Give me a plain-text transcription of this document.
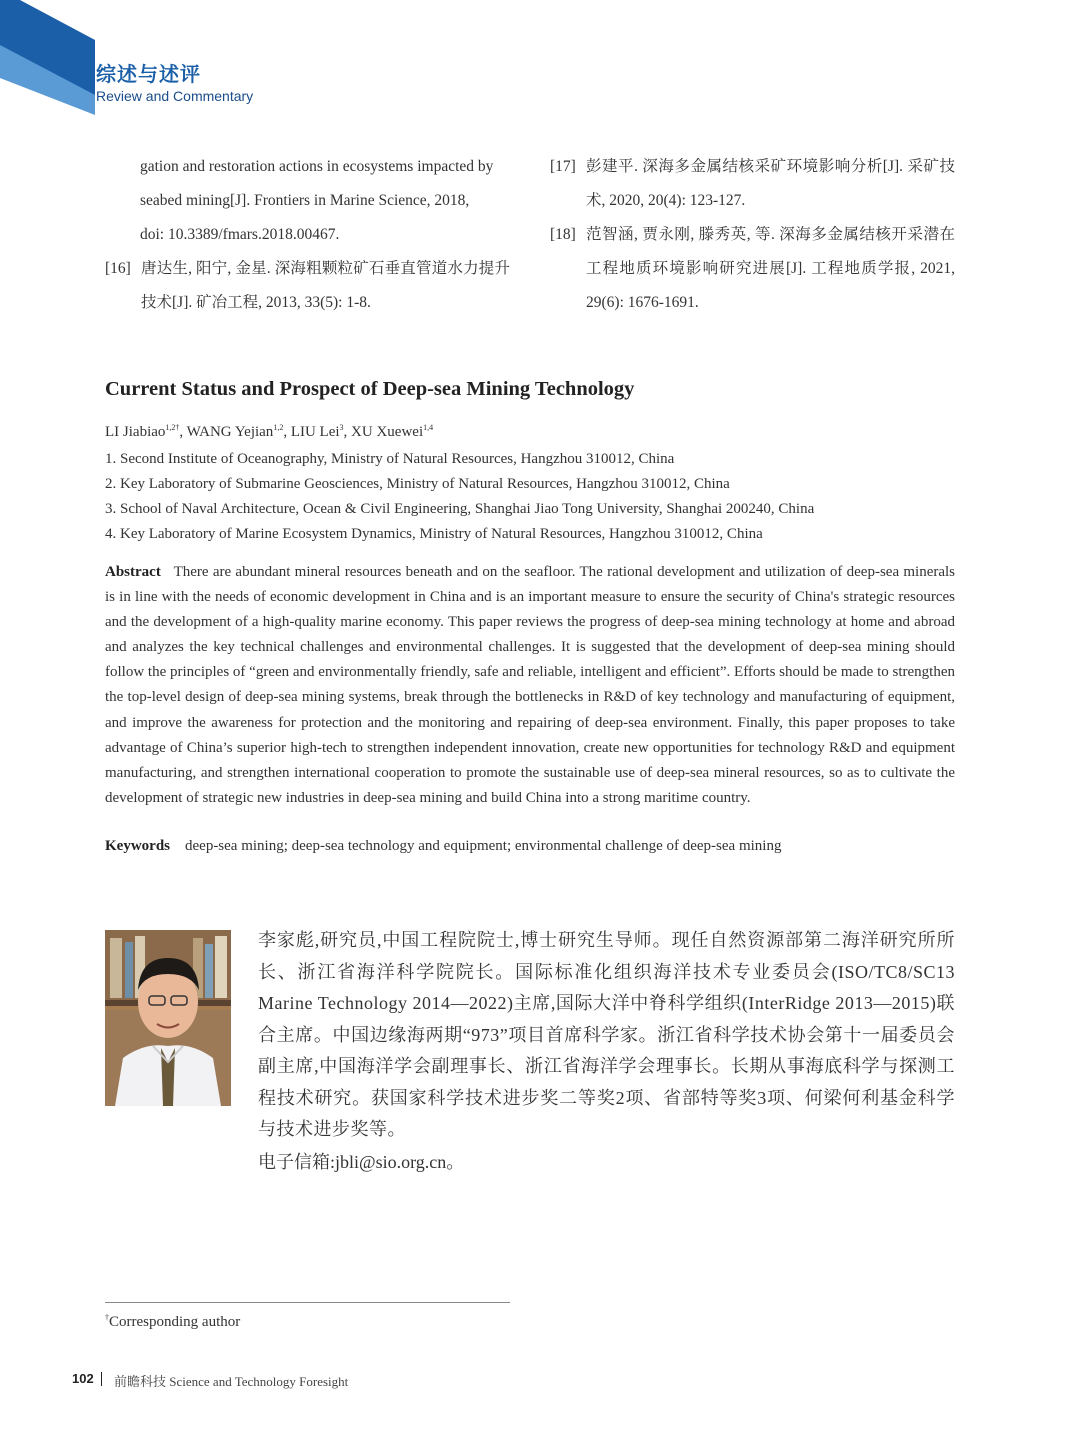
综述与述评
Review and Commentary
gation and restoration actions in ecosystems impacted by
seabed mining[J]. Frontiers in Marine Science, 2018,
doi: 10.3389/fmars.2018.00467.
[16] 唐达生, 阳宁, 金星. 深海粗颗粒矿石垂直管道水力提升技术[J]. 矿冶工程, 2013, 33(5): 1-8.
[17] 彭建平. 深海多金属结核采矿环境影响分析[J]. 采矿技术, 2020, 20(4): 123-127.
[18] 范智涵, 贾永刚, 滕秀英, 等. 深海多金属结核开采潜在工程地质环境影响研究进展[J]. 工程地质学报, 2021, 29(6): 1676-1691.
Current Status and Prospect of Deep-sea Mining Technology
LI Jiabiao$^{1,2\dagger}$, WANG Yejian$^{1,2}$, LIU Lei$^3$, XU Xuewei$^{1,4}$
1. Second Institute of Oceanography, Ministry of Natural Resources, Hangzhou 310012, China
2. Key Laboratory of Submarine Geosciences, Ministry of Natural Resources, Hangzhou 310012, China
3. School of Naval Architecture, Ocean & Civil Engineering, Shanghai Jiao Tong University, Shanghai 200240, China
4. Key Laboratory of Marine Ecosystem Dynamics, Ministry of Natural Resources, Hangzhou 310012, China
Abstract There are abundant mineral resources beneath and on the seafloor. The rational development and utilization of deep-sea minerals is in line with the needs of economic development in China and is an important measure to ensure the security of China's strategic resources and the development of a high-quality marine economy. This paper reviews the progress of deep-sea mining technology at home and abroad and analyzes the key technical challenges and environmental challenges. It is suggested that the development of deep-sea mining should follow the principles of “green and environmentally friendly, safe and reliable, intelligent and efficient”. Efforts should be made to strengthen the top-level design of deep-sea mining systems, break through the bottlenecks in R&D of key technology and manufacturing of equipment, and improve the awareness for protection and the monitoring and repairing of deep-sea environment. Finally, this paper proposes to take advantage of China’s superior high-tech to strengthen independent innovation, create new opportunities for technology R&D and equipment manufacturing, and strengthen international cooperation to promote the sustainable use of deep-sea mineral resources, so as to cultivate the development of strategic new industries in deep-sea mining and build China into a strong maritime country.
Keywords deep-sea mining; deep-sea technology and equipment; environmental challenge of deep-sea mining
李家彪,研究员,中国工程院院士,博士研究生导师。现任自然资源部第二海洋研究所所长、浙江省海洋科学院院长。国际标准化组织海洋技术专业委员会(ISO/TC8/SC13 Marine Technology 2014—2022)主席,国际大洋中脊科学组织(InterRidge 2013—2015)联合主席。中国边缘海两期“973”项目首席科学家。浙江省科学技术协会第十一届委员会副主席,中国海洋学会副理事长、浙江省海洋学会理事长。长期从事海底科学与探测工程技术研究。获国家科学技术进步奖二等奖2项、省部特等奖3项、何梁何利基金科学与技术进步奖等。
电子信箱:jbli@sio.org.cn。
†Corresponding author
102 前瞻科技 Science and Technology Foresight
